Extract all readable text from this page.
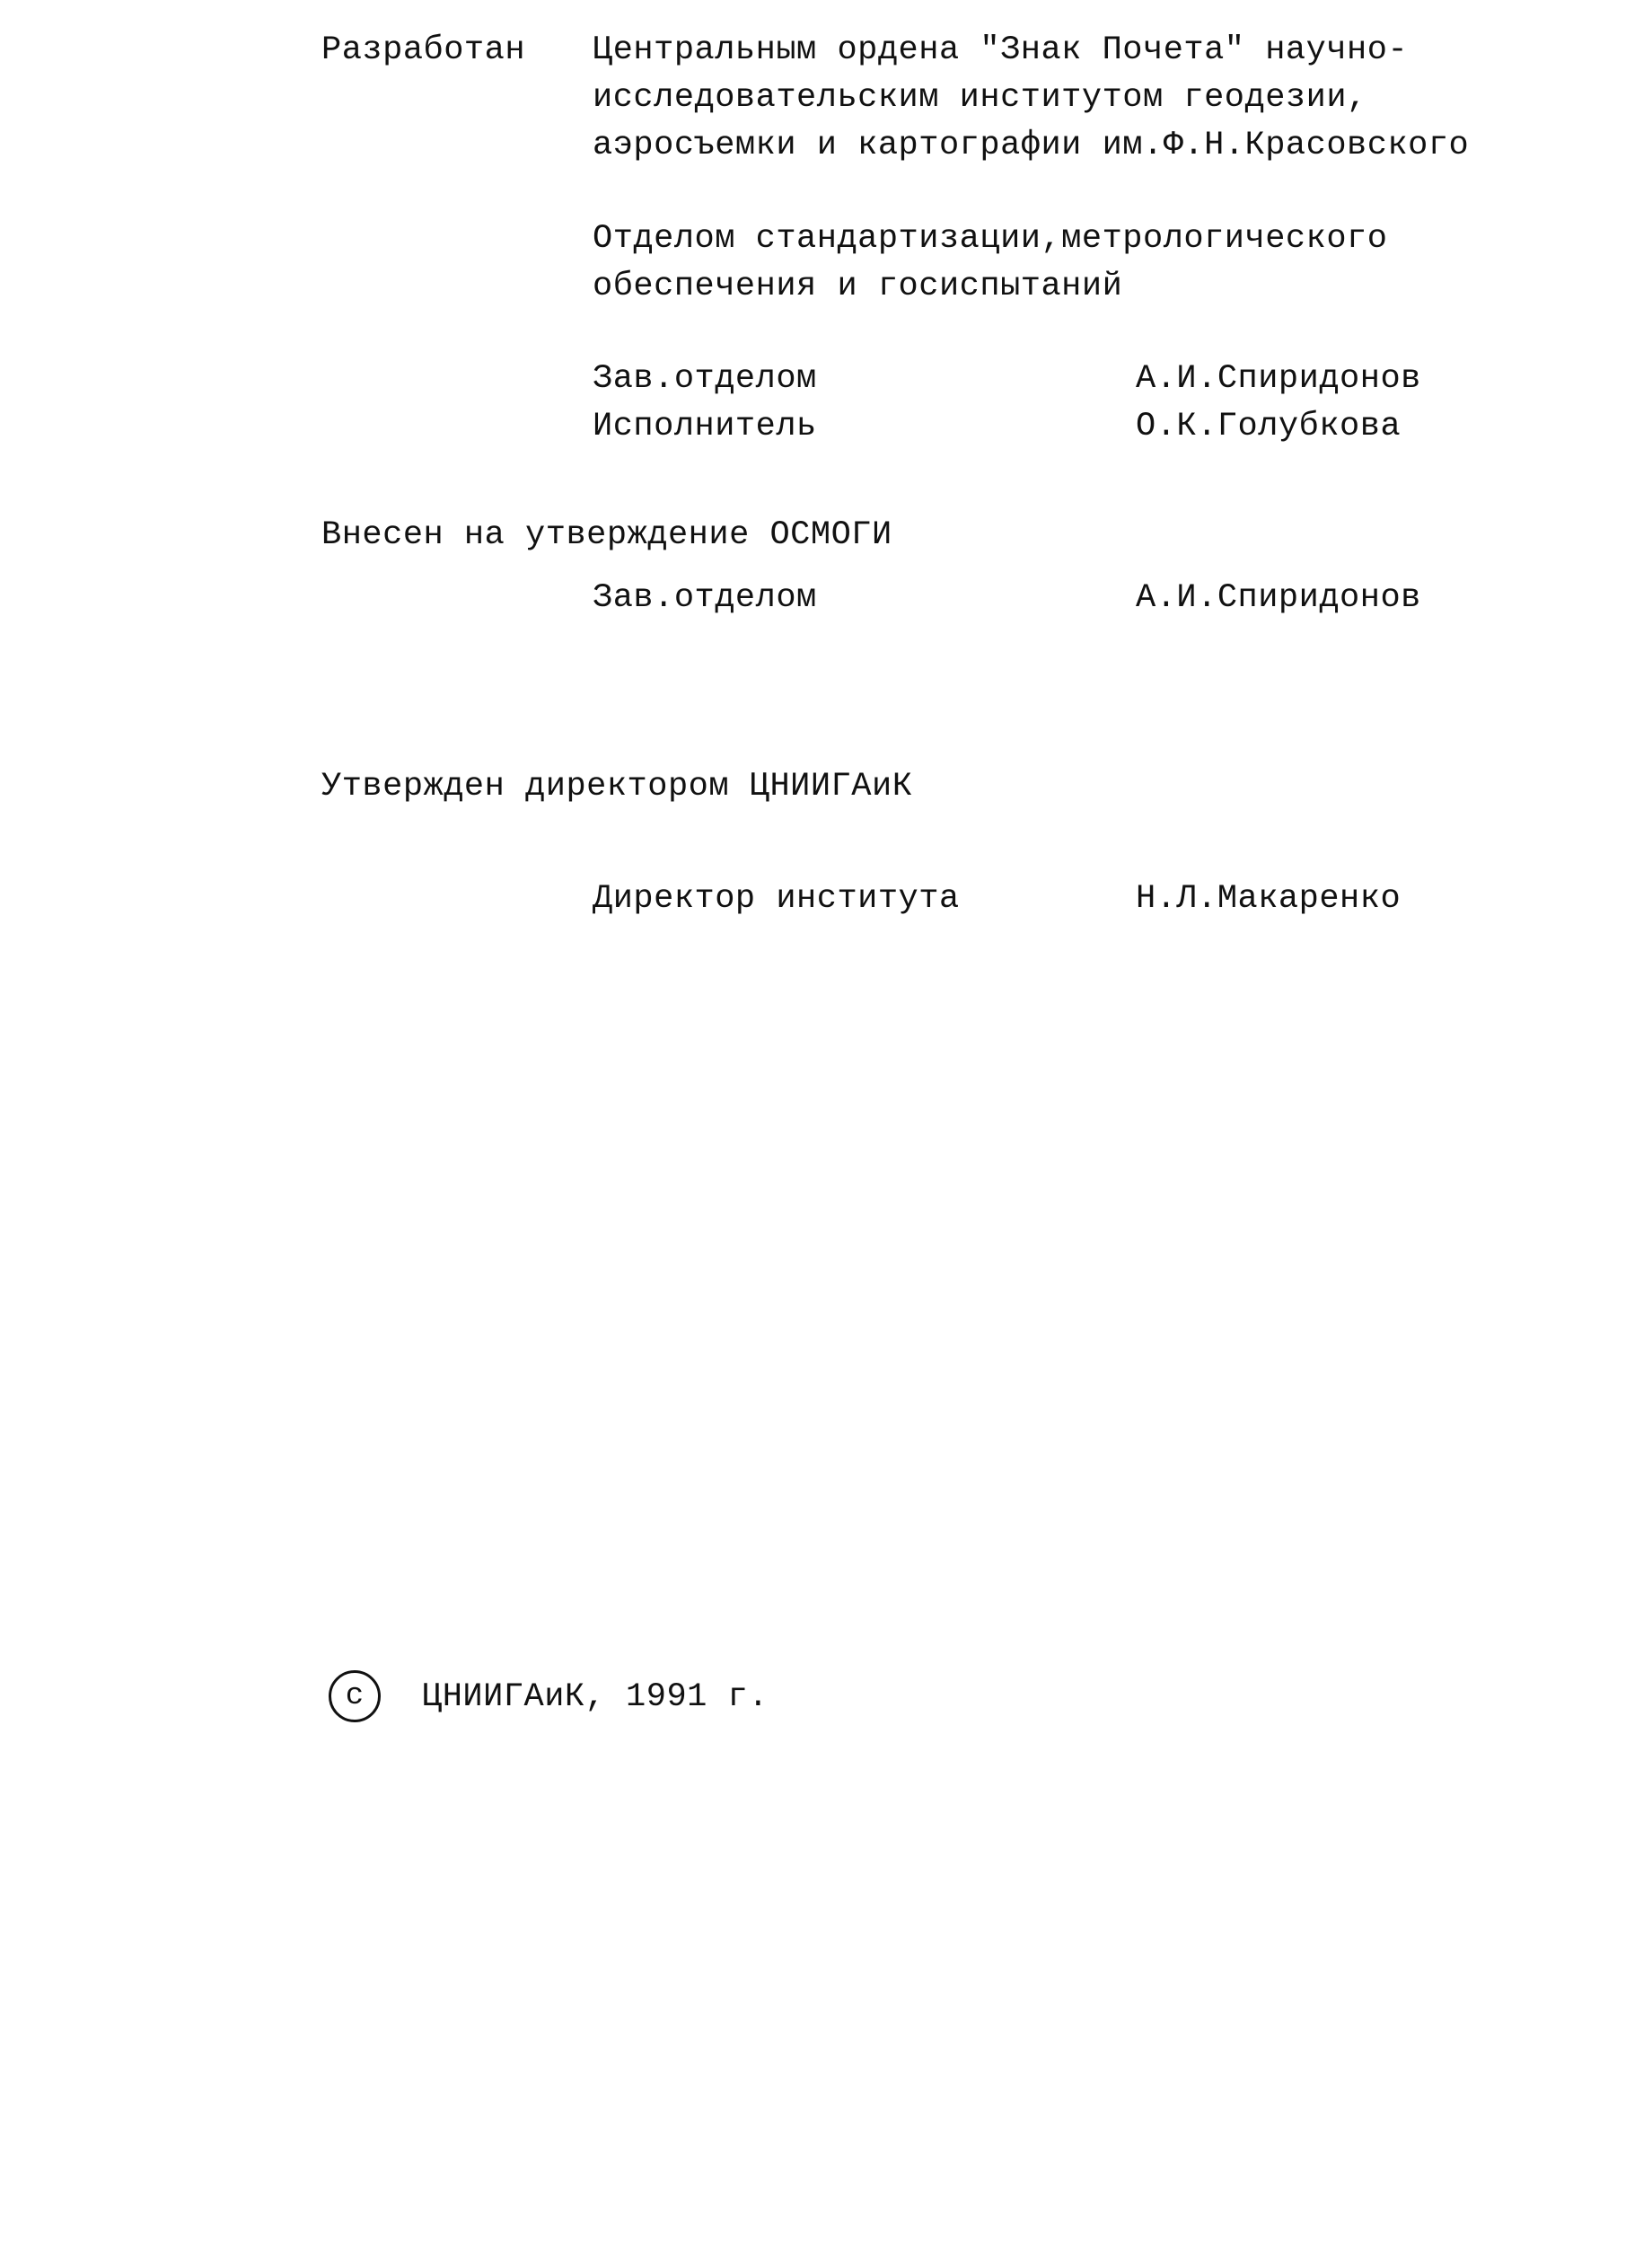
Разработан Центральным ордена "Знак Почета" научно-
исследовательским институтом геодезии,
аэросъемки и картографии им.Ф.Н.Красовского
Отделом стандартизации,метрологического
обеспечения и госиспытаний
Зав.отделом	А.И.Спиридонов
Исполнитель	О.К.Голубкова
Внесен на утверждение ОСМОГИ
Зав.отделом	А.И.Спиридонов
Утвержден директором ЦНИИГАиК
Директор института	Н.Л.Макаренко
c ЦНИИГАиК, 1991 г.
